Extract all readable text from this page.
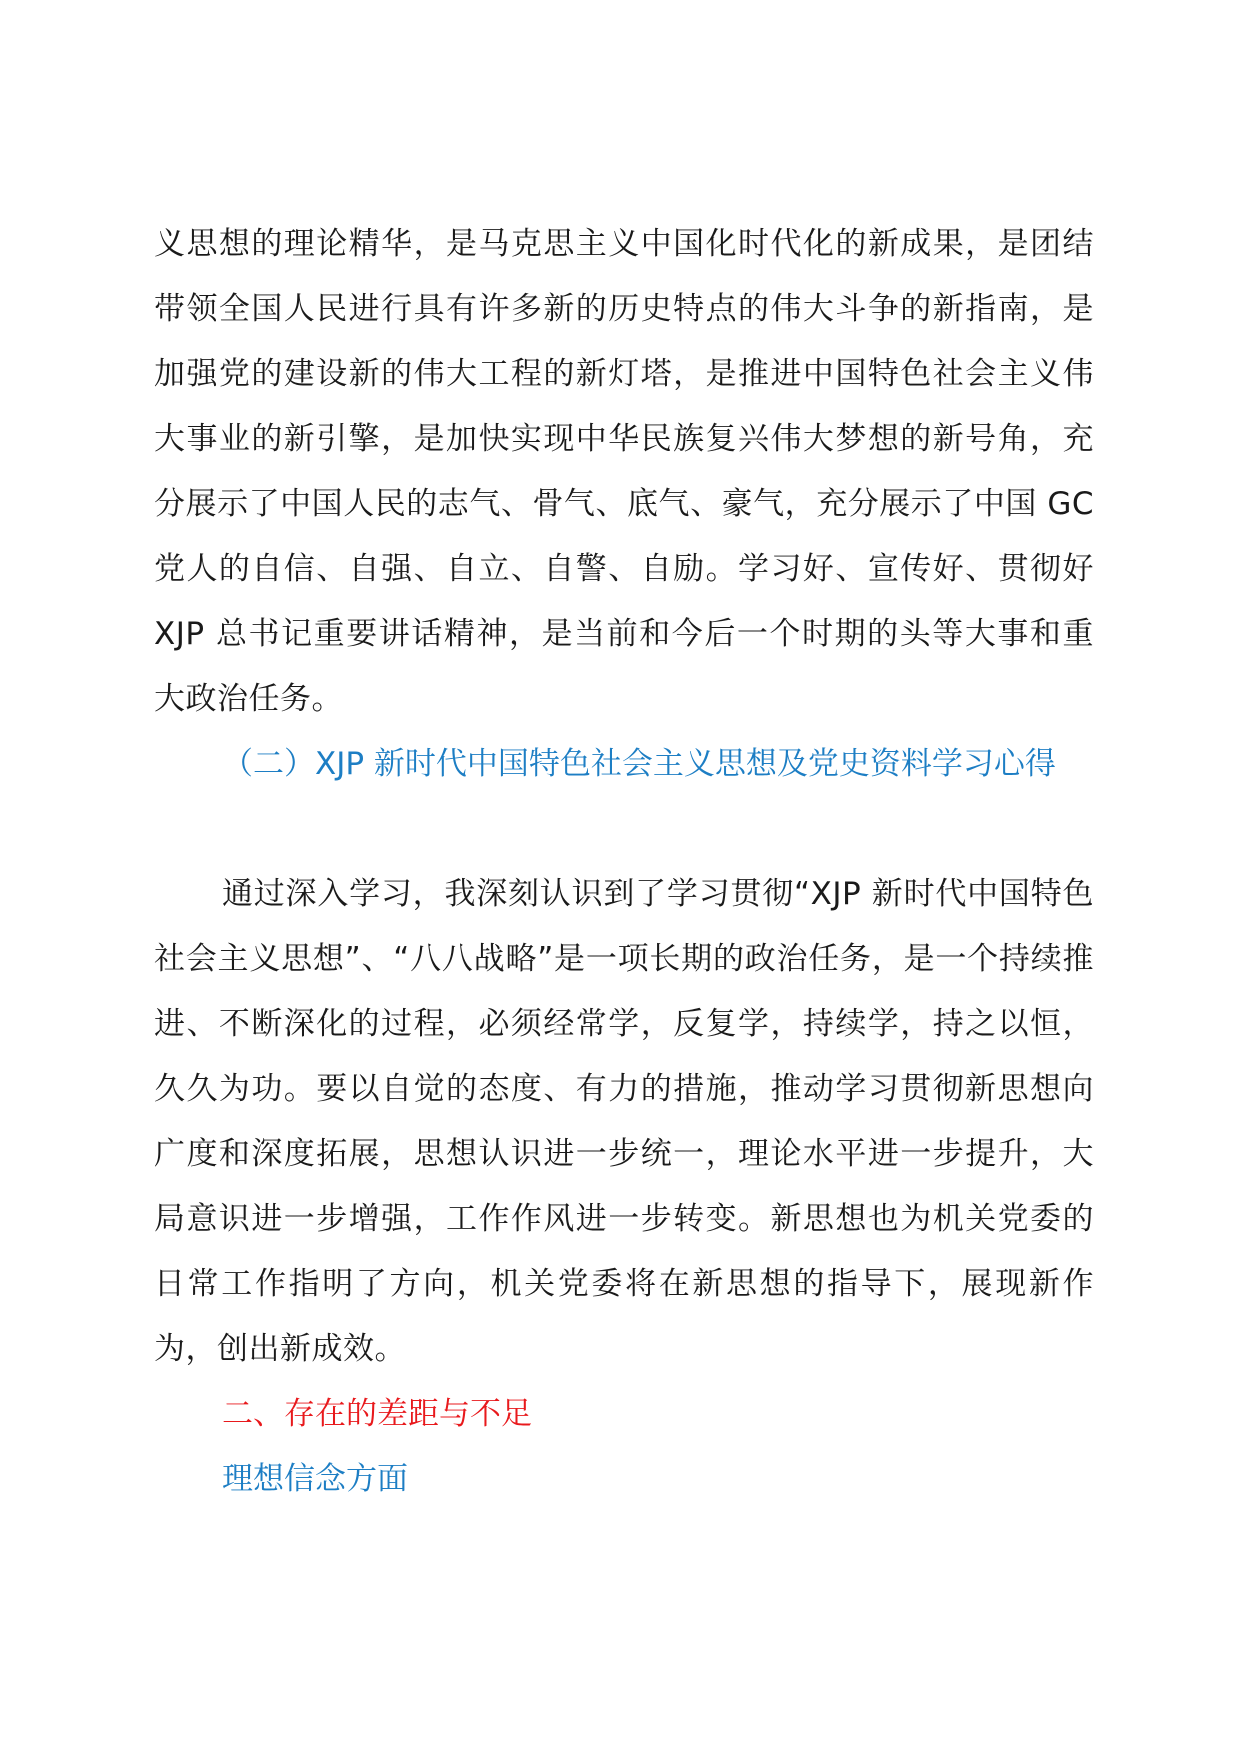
义思想的理论精华，是马克思主义中国化时代化的新成果，是团结带领全国人民进行具有许多新的历史特点的伟大斗争的新指南，是加强党的建设新的伟大工程的新灯塔，是推进中国特色社会主义伟大事业的新引擎，是加快实现中华民族复兴伟大梦想的新号角，充分展示了中国人民的志气、骨气、底气、豪气，充分展示了中国 GC 党人的自信、自强、自立、自警、自励。学习好、宣传好、贯彻好 XJP 总书记重要讲话精神，是当前和今后一个时期的头等大事和重大政治任务。

（二）XJP 新时代中国特色社会主义思想及党史资料学习心得

通过深入学习，我深刻认识到了学习贯彻“XJP 新时代中国特色社会主义思想”、“八八战略”是一项长期的政治任务，是一个持续推进、不断深化的过程，必须经常学，反复学，持续学，持之以恒，久久为功。要以自觉的态度、有力的措施，推动学习贯彻新思想向广度和深度拓展，思想认识进一步统一，理论水平进一步提升，大局意识进一步增强，工作作风进一步转变。新思想也为机关党委的日常工作指明了方向，机关党委将在新思想的指导下，展现新作为，创出新成效。

二、存在的差距与不足

理想信念方面
